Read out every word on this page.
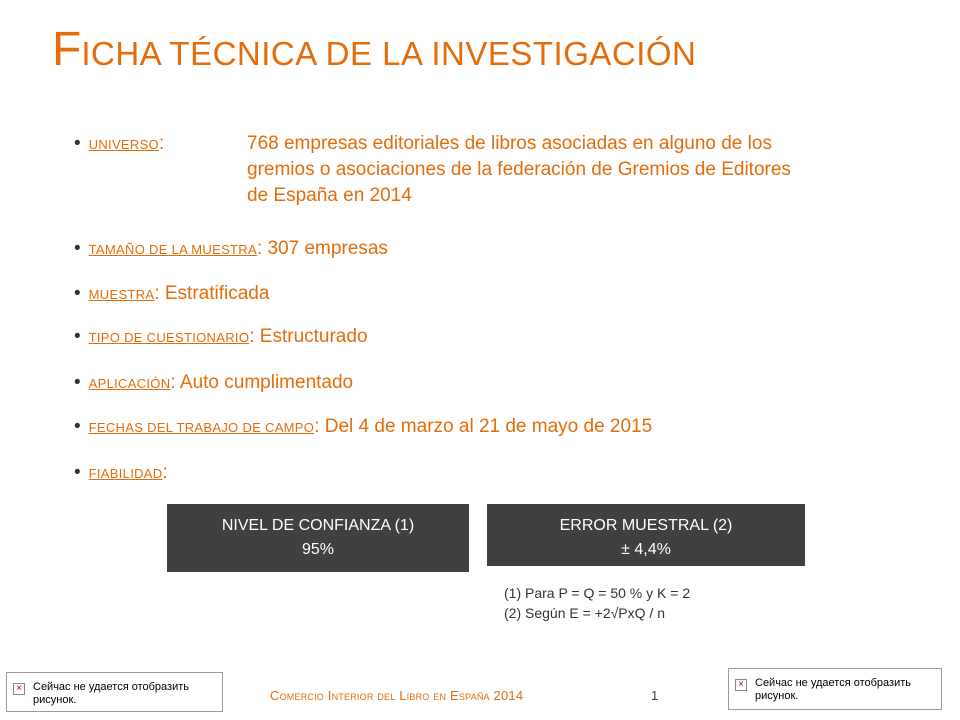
FICHA TÉCNICA DE LA INVESTIGACIÓN
• UNIVERSO:	768 empresas editoriales de libros asociadas en alguno de los
gremios o asociaciones de la federación de Gremios de Editores
de España en 2014
• TAMAÑO DE LA MUESTRA: 307 empresas
• MUESTRA: Estratificada
• TIPO DE CUESTIONARIO: Estructurado
• APLICACIÓN: Auto cumplimentado
• FECHAS DEL TRABAJO DE CAMPO: Del 4 de marzo al 21 de mayo de 2015
• FIABILIDAD:
NIVEL DE CONFIANZA (1)
95%
ERROR MUESTRAL (2)
± 4,4%
(1) Para P = Q = 50 % y K = 2
(2) Según E = +2√PxQ / n
× Сейчас не удается отобразить
рисунок.
× Сейчас не удается отобразить
рисунок.
Comercio Interior del Libro en España 2014	1
